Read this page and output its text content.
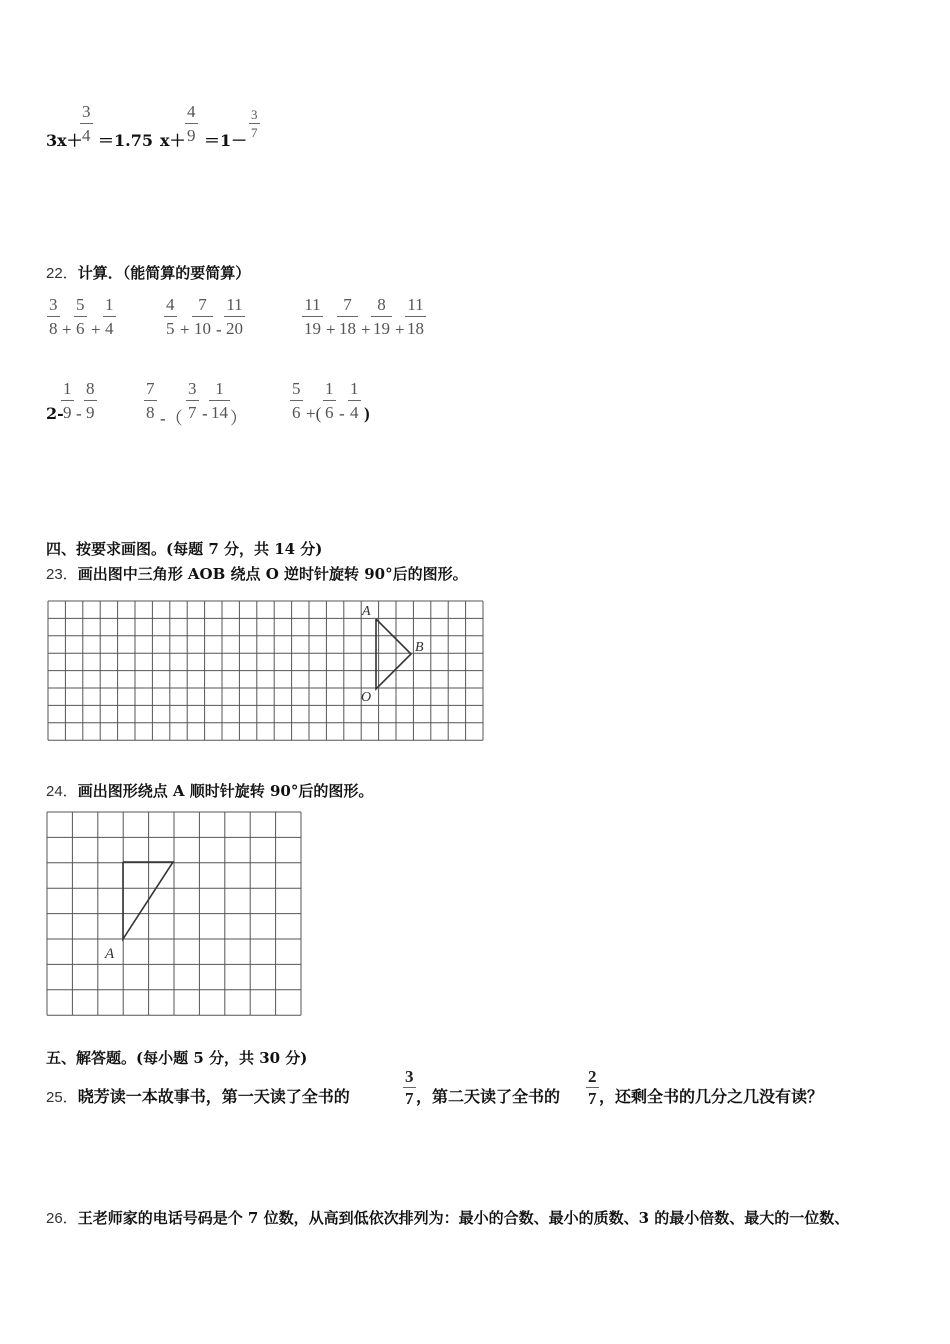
3x＋
3
4 ＝1.75 x＋
4
9 ＝1－
3
7
22．计算．（能简算的要简算）
3
8 +
5
6 +
1
4
4
5 +
7
10 -
11
20
11
19 +
7
18 +
8
19 +
11
18
2-
1
9 -
8
9
7
8 -（
3
7 -
1
14 ）
5
6 +(
1
6 -
1
4 )
四、按要求画图。(每题 7 分，共 14 分)
23．画出图中三角形 AOB 绕点 O 逆时针旋转 90°后的图形。
A
B
O
24．画出图形绕点 A 顺时针旋转 90°后的图形。
A
五、解答题。(每小题 5 分，共 30 分)
25．晓芳读一本故事书，第一天读了全书的
3
7 ，第二天读了全书的
2
7 ，还剩全书的几分之几没有读？
26．王老师家的电话号码是个 7 位数，从高到低依次排列为：最小的合数、最小的质数、3 的最小倍数、最大的一位数、
